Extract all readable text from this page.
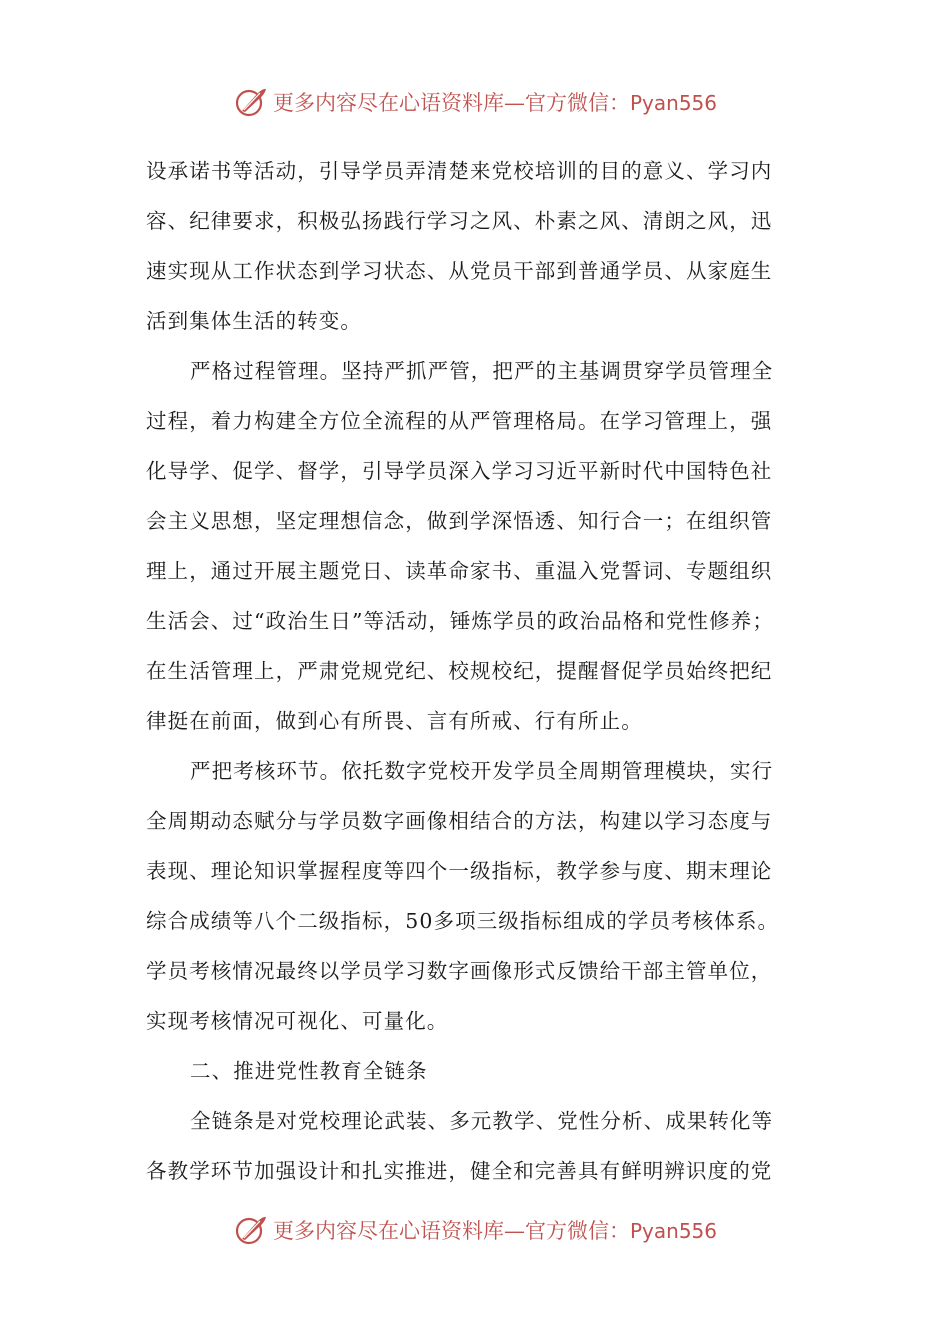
更多内容尽在心语资料库—官方微信：Pyan556
设承诺书等活动，引导学员弄清楚来党校培训的目的意义、学习内
容、纪律要求，积极弘扬践行学习之风、朴素之风、清朗之风，迅
速实现从工作状态到学习状态、从党员干部到普通学员、从家庭生
活到集体生活的转变。
严格过程管理。坚持严抓严管，把严的主基调贯穿学员管理全
过程，着力构建全方位全流程的从严管理格局。在学习管理上，强
化导学、促学、督学，引导学员深入学习习近平新时代中国特色社
会主义思想，坚定理想信念，做到学深悟透、知行合一；在组织管
理上，通过开展主题党日、读革命家书、重温入党誓词、专题组织
生活会、过“政治生日”等活动，锤炼学员的政治品格和党性修养；
在生活管理上，严肃党规党纪、校规校纪，提醒督促学员始终把纪
律挺在前面，做到心有所畏、言有所戒、行有所止。
严把考核环节。依托数字党校开发学员全周期管理模块，实行
全周期动态赋分与学员数字画像相结合的方法，构建以学习态度与
表现、理论知识掌握程度等四个一级指标，教学参与度、期末理论
综合成绩等八个二级指标，50多项三级指标组成的学员考核体系。
学员考核情况最终以学员学习数字画像形式反馈给干部主管单位，
实现考核情况可视化、可量化。
二、推进党性教育全链条
全链条是对党校理论武装、多元教学、党性分析、成果转化等
各教学环节加强设计和扎实推进，健全和完善具有鲜明辨识度的党
更多内容尽在心语资料库—官方微信：Pyan556
